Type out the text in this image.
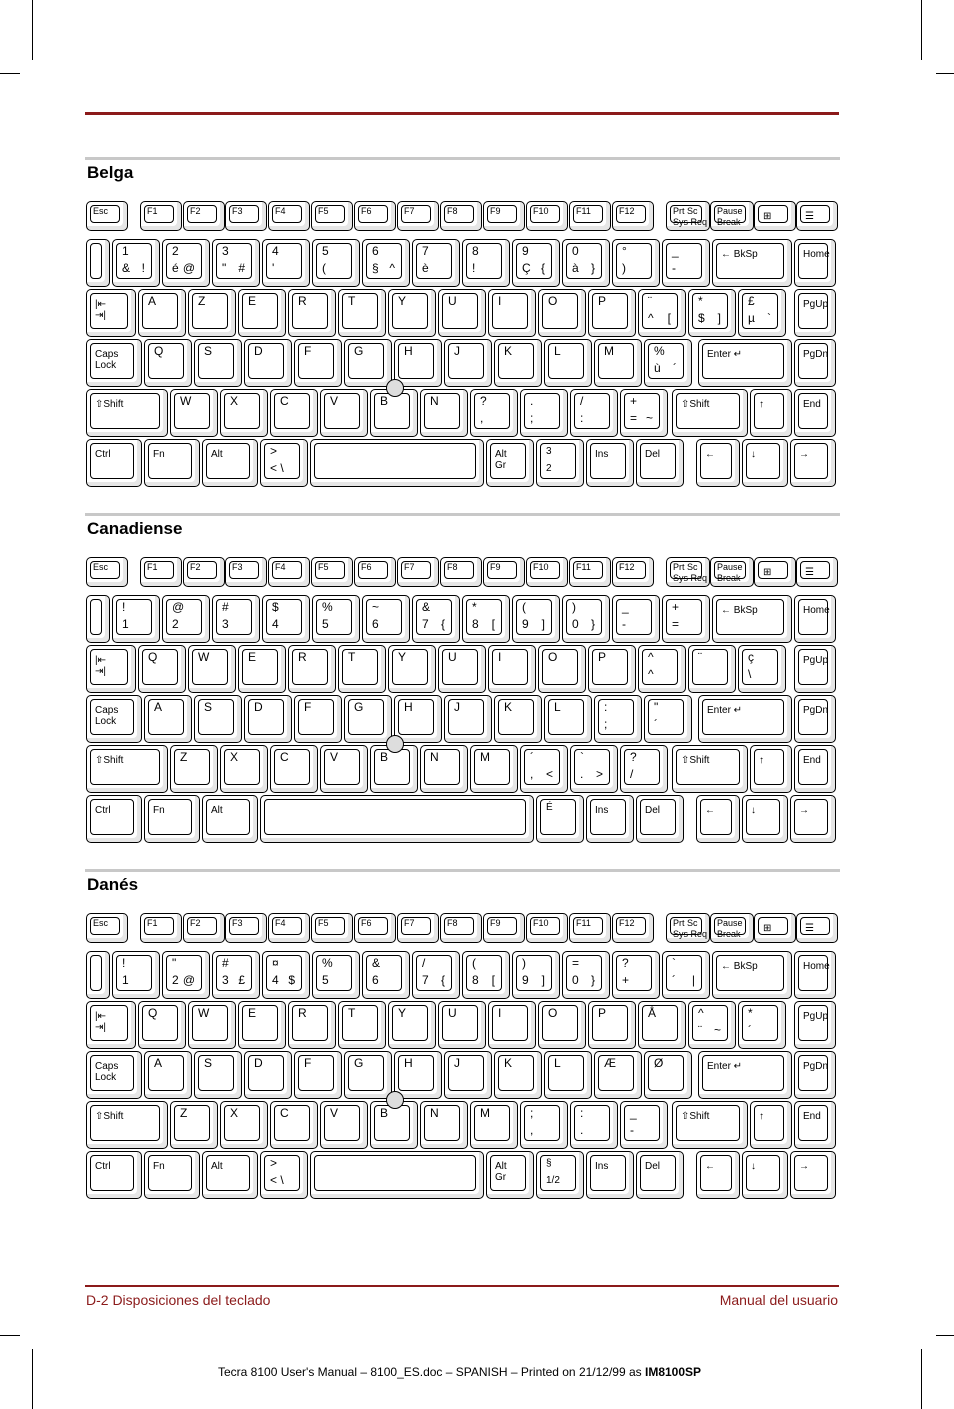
Belga
Esc	F1	F2	F3	F4	F5	F6	F7	F8	F9	F10	F11	F12	Prt Sc
Sys Req
Pause
Break ⊞	☰
1
& !
2
é @
3
" #
4
'
5
(
6
§ ^
7
è
8
!
9
Ç {
0
à }
°
)
_
-
← BkSp	Home
|⇤
⇥|
A	Z	E	R	T	Y	U	I	O	P	¨
^ [
*
$ ]
£
µ `
PgUp
Caps
Lock
Q	S	D	F	G	H	J	K	L	M	%
ù ´
Enter ↵	PgDn
⇧Shift	W	X	C	V	B	N	?
,
.
;
/
:
+
= ~
⇧Shift	↑	End
Ctrl	Fn	Alt	>
< \
Alt
Gr
3
2
Ins	Del	←	↓	→
Canadiense
Esc	F1	F2	F3	F4	F5	F6	F7	F8	F9	F10	F11	F12	Prt Sc
Sys Req
Pause
Break ⊞	☰
!
1
@
2
#
3
$
4
%
5
~
6
&
7 {
*
8 [
(
9 ]
)
0 }
_
-
+
=
← BkSp	Home
|⇤
⇥|
Q	W	E	R	T	Y	U	I	O	P	^
^
¨	ç
\
PgUp
Caps
Lock
A	S	D	F	G	H	J	K	L	:
;
"
´
Enter ↵	PgDn
⇧Shift	Z	X	C	V	B	N	M	´
, <
`
. >
?
/
⇧Shift	↑	End
Ctrl	Fn	Alt	É	Ins	Del	←	↓	→
Danés
Esc	F1	F2	F3	F4	F5	F6	F7	F8	F9	F10	F11	F12	Prt Sc
Sys Req
Pause
Break ⊞	☰
!
1
"
2 @
#
3 £
¤
4 $
%
5
&
6
/
7 {
(
8 [
)
9 ]
=
0 }
?
+
`
´ |
← BkSp	Home
|⇤
⇥|
Q	W	E	R	T	Y	U	I	O	P	Å	^
¨ ~
*
´
PgUp
Caps
Lock
A	S	D	F	G	H	J	K	L	Æ	Ø	Enter ↵	PgDn
⇧Shift	Z	X	C	V	B	N	M	;
,
:
.
_
-
⇧Shift	↑	End
Ctrl	Fn	Alt	>
< \
Alt
Gr
§
1/2
Ins	Del	←	↓	→
D-2 Disposiciones del teclado	Manual del usuario
Tecra 8100 User's Manual – 8100_ES.doc – SPANISH – Printed on 21/12/99 as IM8100SP
